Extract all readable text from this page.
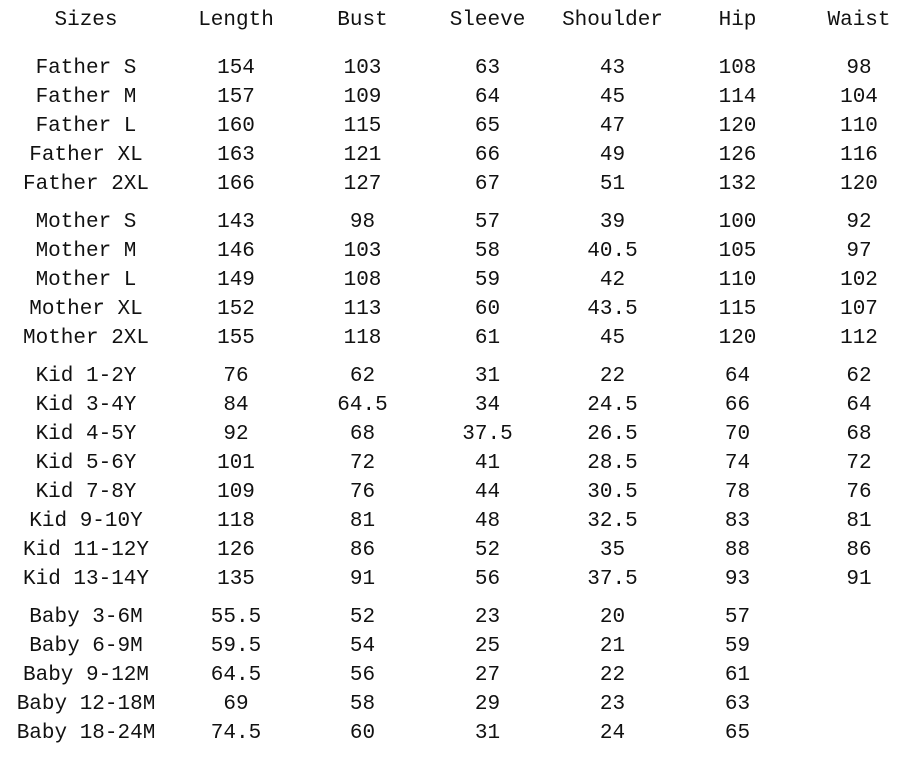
Sizes	Length	Bust	Sleeve	Shoulder	Hip	Waist

Father S	154	103	63	43	108	98
Father M	157	109	64	45	114	104
Father L	160	115	65	47	120	110
Father XL	163	121	66	49	126	116
Father 2XL	166	127	67	51	132	120

Mother S	143	98	57	39	100	92
Mother M	146	103	58	40.5	105	97
Mother L	149	108	59	42	110	102
Mother XL	152	113	60	43.5	115	107
Mother 2XL	155	118	61	45	120	112

Kid 1-2Y	76	62	31	22	64	62
Kid 3-4Y	84	64.5	34	24.5	66	64
Kid 4-5Y	92	68	37.5	26.5	70	68
Kid 5-6Y	101	72	41	28.5	74	72
Kid 7-8Y	109	76	44	30.5	78	76
Kid 9-10Y	118	81	48	32.5	83	81
Kid 11-12Y	126	86	52	35	88	86
Kid 13-14Y	135	91	56	37.5	93	91

Baby 3-6M	55.5	52	23	20	57	
Baby 6-9M	59.5	54	25	21	59	
Baby 9-12M	64.5	56	27	22	61	
Baby 12-18M	69	58	29	23	63	
Baby 18-24M	74.5	60	31	24	65	
